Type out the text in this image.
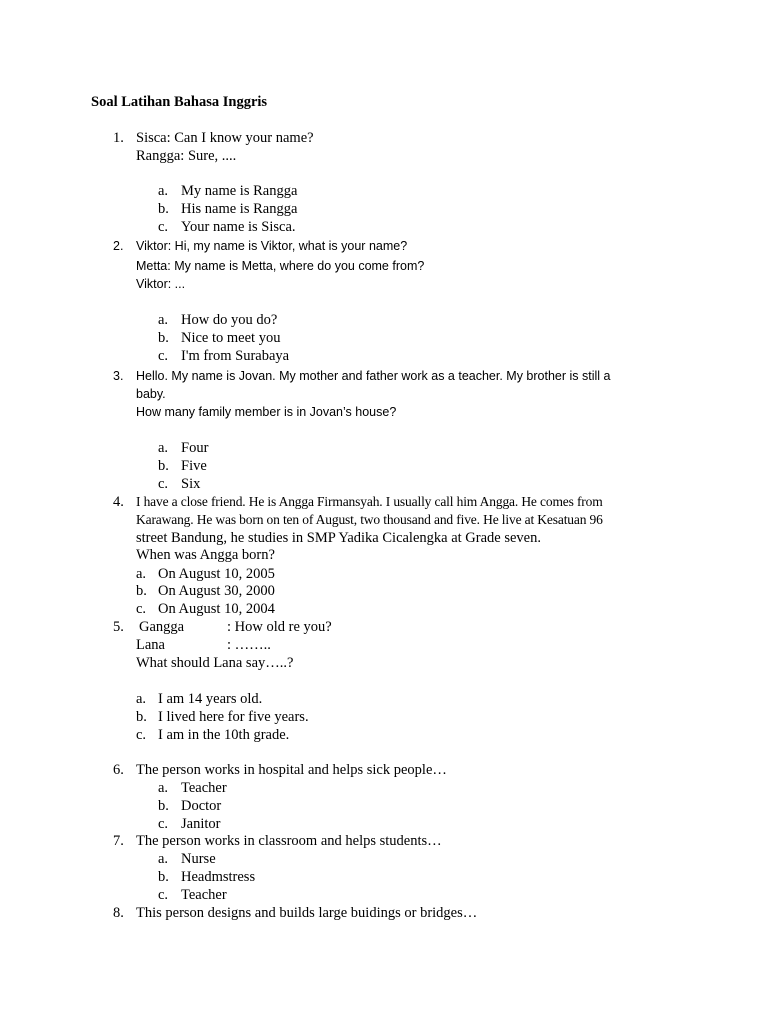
Soal Latihan Bahasa Inggris
1. Sisca: Can I know your name?
Rangga: Sure, ....
a. My name is Rangga
b. His name is Rangga
c. Your name is Sisca.
2. Viktor: Hi, my name is Viktor, what is your name?
Metta: My name is Metta, where do you come from?
Viktor: ...
a. How do you do?
b. Nice to meet you
c. I'm from Surabaya
3. Hello. My name is Jovan. My mother and father work as a teacher. My brother is still a
baby.
How many family member is in Jovan’s house?
a. Four
b. Five
c. Six
4. I have a close friend. He is Angga Firmansyah. I usually call him Angga. He comes from
Karawang. He was born on ten of August, two thousand and five. He live at Kesatuan 96
street Bandung, he studies in SMP Yadika Cicalengka at Grade seven.
When was Angga born?
a. On August 10, 2005
b. On August 30, 2000
c. On August 10, 2004
5. Gangga	: How old re you?
Lana	: ……..
What should Lana say…..?
a. I am 14 years old.
b. I lived here for five years.
c. I am in the 10th grade.
6. The person works in hospital and helps sick people…
a. Teacher
b. Doctor
c. Janitor
7. The person works in classroom and helps students…
a. Nurse
b. Headmstress
c. Teacher
8. This person designs and builds large buidings or bridges…
